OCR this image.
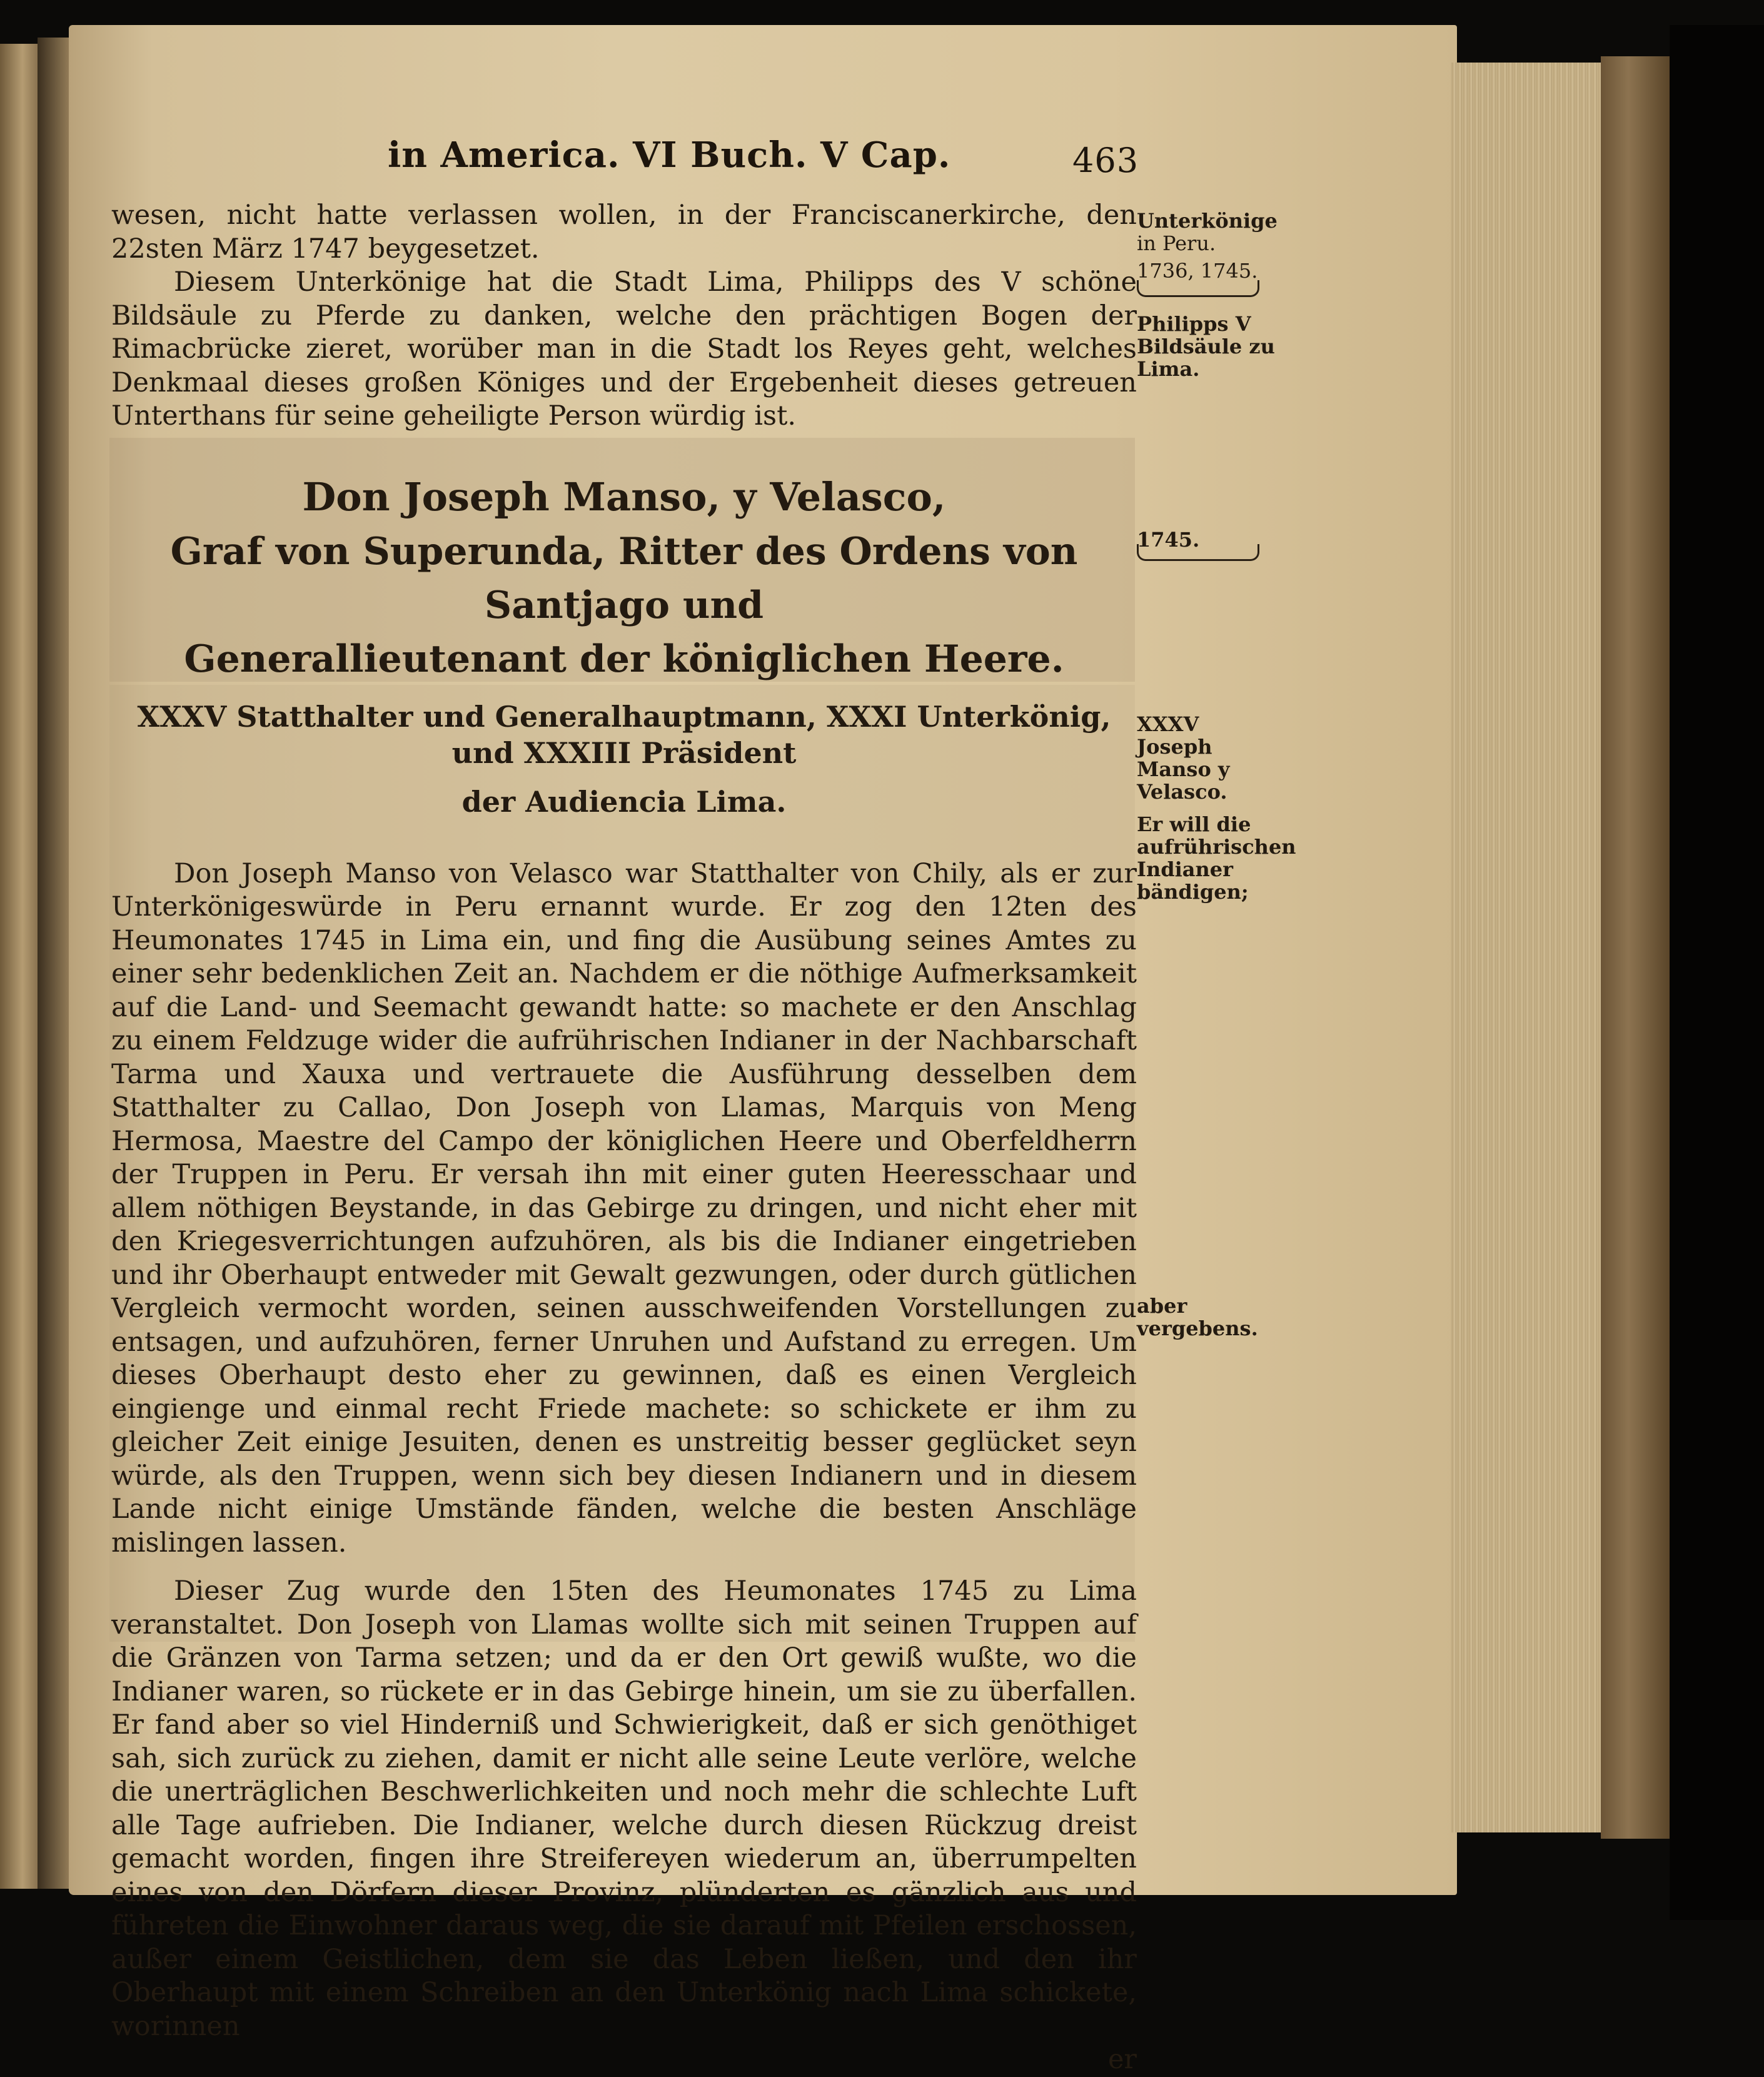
in America. VI Buch. V Cap.	463

wesen, nicht hatte verlassen wollen, in der Franciscanerkirche, den 22sten März 1747 beygesetzet.

Diesem Unterkönige hat die Stadt Lima, Philipps des V schöne Bildsäule zu Pferde zu danken, welche den prächtigen Bogen der Rimacbrücke zieret, worüber man in die Stadt los Reyes geht, welches Denkmaal dieses großen Königes und der Ergebenheit dieses getreuen Unterthans für seine geheiligte Person würdig ist.

Don Joseph Manso, y Velasco,
Graf von Superunda, Ritter des Ordens von Santjago und
Generallieutenant der königlichen Heere.
XXXV Statthalter und Generalhauptmann, XXXI Unterkönig, und XXXIII Präsident
der Audiencia Lima.

Don Joseph Manso von Velasco war Statthalter von Chily, als er zur Unterkönigeswürde in Peru ernannt wurde. Er zog den 12ten des Heumonates 1745 in Lima ein, und fing die Ausübung seines Amtes zu einer sehr bedenklichen Zeit an. Nachdem er die nöthige Aufmerksamkeit auf die Land- und Seemacht gewandt hatte: so machete er den Anschlag zu einem Feldzuge wider die aufrührischen Indianer in der Nachbarschaft Tarma und Xauxa und vertrauete die Ausführung desselben dem Statthalter zu Callao, Don Joseph von Llamas, Marquis von Meng Hermosa, Maestre del Campo der königlichen Heere und Oberfeldherrn der Truppen in Peru. Er versah ihn mit einer guten Heeresschaar und allem nöthigen Beystande, in das Gebirge zu dringen, und nicht eher mit den Kriegesverrichtungen aufzuhören, als bis die Indianer eingetrieben und ihr Oberhaupt entweder mit Gewalt gezwungen, oder durch gütlichen Vergleich vermocht worden, seinen ausschweifenden Vorstellungen zu entsagen, und aufzuhören, ferner Unruhen und Aufstand zu erregen. Um dieses Oberhaupt desto eher zu gewinnen, daß es einen Vergleich eingienge und einmal recht Friede machete: so schickete er ihm zu gleicher Zeit einige Jesuiten, denen es unstreitig besser geglücket seyn würde, als den Truppen, wenn sich bey diesen Indianern und in diesem Lande nicht einige Umstände fänden, welche die besten Anschläge mislingen lassen.

Dieser Zug wurde den 15ten des Heumonates 1745 zu Lima veranstaltet. Don Joseph von Llamas wollte sich mit seinen Truppen auf die Gränzen von Tarma setzen; und da er den Ort gewiß wußte, wo die Indianer waren, so rückete er in das Gebirge hinein, um sie zu überfallen. Er fand aber so viel Hinderniß und Schwierigkeit, daß er sich genöthiget sah, sich zurück zu ziehen, damit er nicht alle seine Leute verlöre, welche die unerträglichen Beschwerlichkeiten und noch mehr die schlechte Luft alle Tage aufrieben. Die Indianer, welche durch diesen Rückzug dreist gemacht worden, fingen ihre Streifereyen wiederum an, überrumpelten eines von den Dörfern dieser Provinz, plünderten es gänzlich aus und führeten die Einwohner daraus weg, die sie darauf mit Pfeilen erschossen, außer einem Geistlichen, dem sie das Leben ließen, und den ihr Oberhaupt mit einem Schreiben an den Unterkönig nach Lima schickete, worinnen

er

Unterkönige
in Peru.
1736, 1745.
Philipps V Bildsäule zu Lima.
1745.
XXXV Joseph Manso y Velasco.
Er will die aufrührischen Indianer bändigen;
aber vergebens.
